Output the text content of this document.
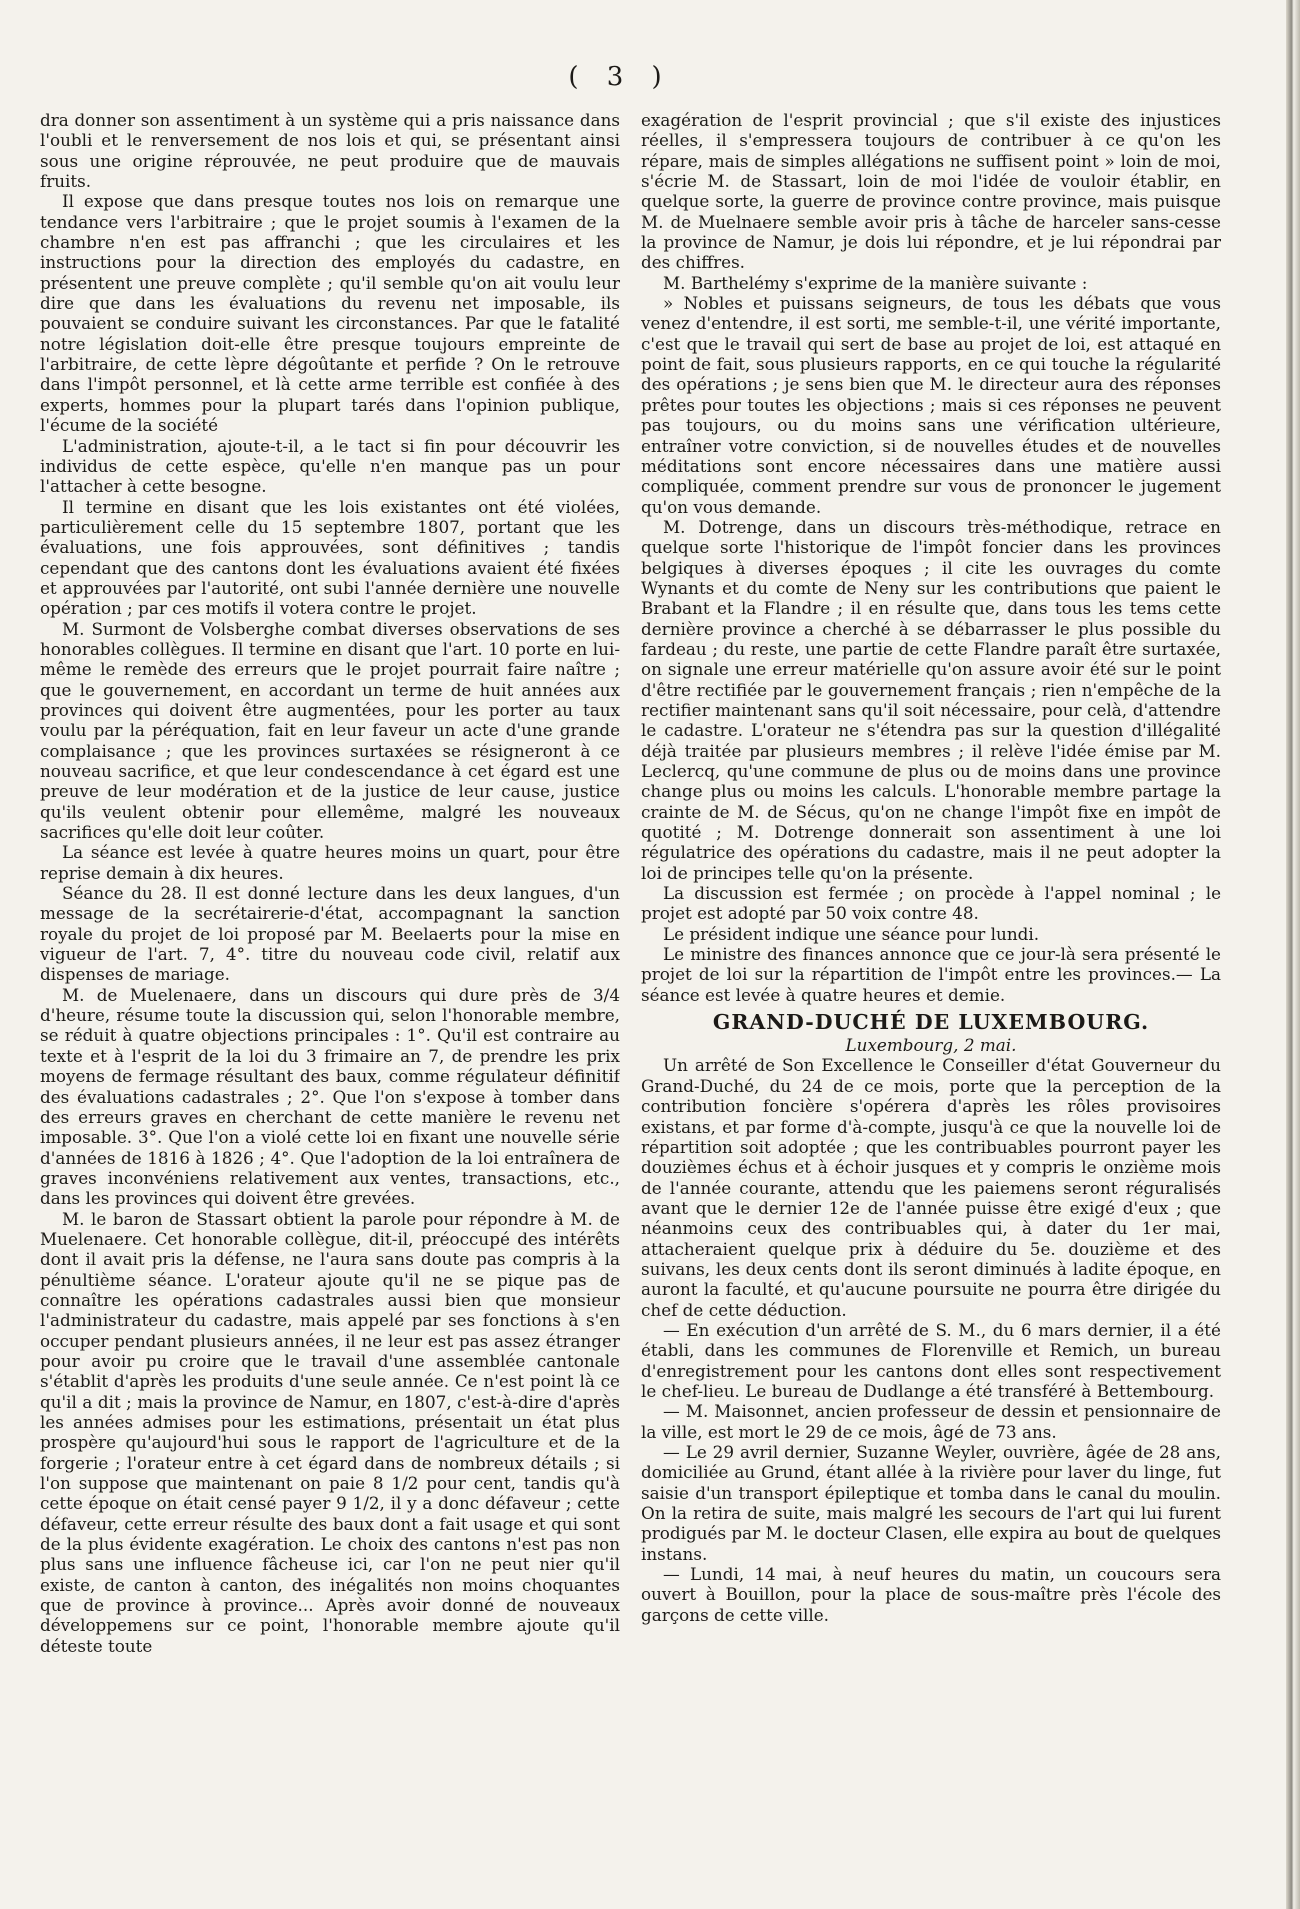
( 3 )

dra donner son assentiment à un système qui a pris naissance dans l'oubli et le renversement de nos lois et qui, se présentant ainsi sous une origine réprouvée, ne peut produire que de mauvais fruits.

Il expose que dans presque toutes nos lois on remarque une tendance vers l'arbitraire ; que le projet soumis à l'examen de la chambre n'en est pas affranchi ; que les circulaires et les instructions pour la direction des employés du cadastre, en présentent une preuve complète ; qu'il semble qu'on ait voulu leur dire que dans les évaluations du revenu net imposable, ils pouvaient se conduire suivant les circonstances. Par que le fatalité notre législation doit-elle être presque toujours empreinte de l'arbitraire, de cette lèpre dégoûtante et perfide ? On le retrouve dans l'impôt personnel, et là cette arme terrible est confiée à des experts, hommes pour la plupart tarés dans l'opinion publique, l'écume de la société

L'administration, ajoute-t-il, a le tact si fin pour découvrir les individus de cette espèce, qu'elle n'en manque pas un pour l'attacher à cette besogne.

Il termine en disant que les lois existantes ont été violées, particulièrement celle du 15 septembre 1807, portant que les évaluations, une fois approuvées, sont définitives ; tandis cependant que des cantons dont les évaluations avaient été fixées et approuvées par l'autorité, ont subi l'année dernière une nouvelle opération ; par ces motifs il votera contre le projet.

M. Surmont de Volsberghe combat diverses observations de ses honorables collègues. Il termine en disant que l'art. 10 porte en lui-même le remède des erreurs que le projet pourrait faire naître ; que le gouvernement, en accordant un terme de huit années aux provinces qui doivent être augmentées, pour les porter au taux voulu par la péréquation, fait en leur faveur un acte d'une grande complaisance ; que les provinces surtaxées se résigneront à ce nouveau sacrifice, et que leur condescendance à cet égard est une preuve de leur modération et de la justice de leur cause, justice qu'ils veulent obtenir pour ellemême, malgré les nouveaux sacrifices qu'elle doit leur coûter.

La séance est levée à quatre heures moins un quart, pour être reprise demain à dix heures.

Séance du 28. Il est donné lecture dans les deux langues, d'un message de la secrétairerie-d'état, accompagnant la sanction royale du projet de loi proposé par M. Beelaerts pour la mise en vigueur de l'art. 7, 4°. titre du nouveau code civil, relatif aux dispenses de mariage.

M. de Muelenaere, dans un discours qui dure près de 3/4 d'heure, résume toute la discussion qui, selon l'honorable membre, se réduit à quatre objections principales : 1°. Qu'il est contraire au texte et à l'esprit de la loi du 3 frimaire an 7, de prendre les prix moyens de fermage résultant des baux, comme régulateur définitif des évaluations cadastrales ; 2°. Que l'on s'expose à tomber dans des erreurs graves en cherchant de cette manière le revenu net imposable. 3°. Que l'on a violé cette loi en fixant une nouvelle série d'années de 1816 à 1826 ; 4°. Que l'adoption de la loi entraînera de graves inconvéniens relativement aux ventes, transactions, etc., dans les provinces qui doivent être grevées.

M. le baron de Stassart obtient la parole pour répondre à M. de Muelenaere. Cet honorable collègue, dit-il, préoccupé des intérêts dont il avait pris la défense, ne l'aura sans doute pas compris à la pénultième séance. L'orateur ajoute qu'il ne se pique pas de connaître les opérations cadastrales aussi bien que monsieur l'administrateur du cadastre, mais appelé par ses fonctions à s'en occuper pendant plusieurs années, il ne leur est pas assez étranger pour avoir pu croire que le travail d'une assemblée cantonale s'établit d'après les produits d'une seule année. Ce n'est point là ce qu'il a dit ; mais la province de Namur, en 1807, c'est-à-dire d'après les années admises pour les estimations, présentait un état plus prospère qu'aujourd'hui sous le rapport de l'agriculture et de la forgerie ; l'orateur entre à cet égard dans de nombreux détails ; si l'on suppose que maintenant on paie 8 1/2 pour cent, tandis qu'à cette époque on était censé payer 9 1/2, il y a donc défaveur ; cette défaveur, cette erreur résulte des baux dont a fait usage et qui sont de la plus évidente exagération. Le choix des cantons n'est pas non plus sans une influence fâcheuse ici, car l'on ne peut nier qu'il existe, de canton à canton, des inégalités non moins choquantes que de province à province... Après avoir donné de nouveaux développemens sur ce point, l'honorable membre ajoute qu'il déteste toute

exagération de l'esprit provincial ; que s'il existe des injustices réelles, il s'empressera toujours de contribuer à ce qu'on les répare, mais de simples allégations ne suffisent point » loin de moi, s'écrie M. de Stassart, loin de moi l'idée de vouloir établir, en quelque sorte, la guerre de province contre province, mais puisque M. de Muelnaere semble avoir pris à tâche de harceler sans-cesse la province de Namur, je dois lui répondre, et je lui répondrai par des chiffres.

M. Barthelémy s'exprime de la manière suivante :

» Nobles et puissans seigneurs, de tous les débats que vous venez d'entendre, il est sorti, me semble-t-il, une vérité importante, c'est que le travail qui sert de base au projet de loi, est attaqué en point de fait, sous plusieurs rapports, en ce qui touche la régularité des opérations ; je sens bien que M. le directeur aura des réponses prêtes pour toutes les objections ; mais si ces réponses ne peuvent pas toujours, ou du moins sans une vérification ultérieure, entraîner votre conviction, si de nouvelles études et de nouvelles méditations sont encore nécessaires dans une matière aussi compliquée, comment prendre sur vous de prononcer le jugement qu'on vous demande.

M. Dotrenge, dans un discours très-méthodique, retrace en quelque sorte l'historique de l'impôt foncier dans les provinces belgiques à diverses époques ; il cite les ouvrages du comte Wynants et du comte de Neny sur les contributions que paient le Brabant et la Flandre ; il en résulte que, dans tous les tems cette dernière province a cherché à se débarrasser le plus possible du fardeau ; du reste, une partie de cette Flandre paraît être surtaxée, on signale une erreur matérielle qu'on assure avoir été sur le point d'être rectifiée par le gouvernement français ; rien n'empêche de la rectifier maintenant sans qu'il soit nécessaire, pour celà, d'attendre le cadastre. L'orateur ne s'étendra pas sur la question d'illégalité déjà traitée par plusieurs membres ; il relève l'idée émise par M. Leclercq, qu'une commune de plus ou de moins dans une province change plus ou moins les calculs. L'honorable membre partage la crainte de M. de Sécus, qu'on ne change l'impôt fixe en impôt de quotité ; M. Dotrenge donnerait son assentiment à une loi régulatrice des opérations du cadastre, mais il ne peut adopter la loi de principes telle qu'on la présente.

La discussion est fermée ; on procède à l'appel nominal ; le projet est adopté par 50 voix contre 48.

Le président indique une séance pour lundi.

Le ministre des finances annonce que ce jour-là sera présenté le projet de loi sur la répartition de l'impôt entre les provinces.— La séance est levée à quatre heures et demie.

GRAND-DUCHÉ DE LUXEMBOURG.

Luxembourg, 2 mai.

Un arrêté de Son Excellence le Conseiller d'état Gouverneur du Grand-Duché, du 24 de ce mois, porte que la perception de la contribution foncière s'opérera d'après les rôles provisoires existans, et par forme d'à-compte, jusqu'à ce que la nouvelle loi de répartition soit adoptée ; que les contribuables pourront payer les douzièmes échus et à échoir jusques et y compris le onzième mois de l'année courante, attendu que les paiemens seront réguralisés avant que le dernier 12e de l'année puisse être exigé d'eux ; que néanmoins ceux des contribuables qui, à dater du 1er mai, attacheraient quelque prix à déduire du 5e. douzième et des suivans, les deux cents dont ils seront diminués à ladite époque, en auront la faculté, et qu'aucune poursuite ne pourra être dirigée du chef de cette déduction.

— En exécution d'un arrêté de S. M., du 6 mars dernier, il a été établi, dans les communes de Florenville et Remich, un bureau d'enregistrement pour les cantons dont elles sont respectivement le chef-lieu. Le bureau de Dudlange a été transféré à Bettembourg.

— M. Maisonnet, ancien professeur de dessin et pensionnaire de la ville, est mort le 29 de ce mois, âgé de 73 ans.

— Le 29 avril dernier, Suzanne Weyler, ouvrière, âgée de 28 ans, domiciliée au Grund, étant allée à la rivière pour laver du linge, fut saisie d'un transport épileptique et tomba dans le canal du moulin. On la retira de suite, mais malgré les secours de l'art qui lui furent prodigués par M. le docteur Clasen, elle expira au bout de quelques instans.

— Lundi, 14 mai, à neuf heures du matin, un coucours sera ouvert à Bouillon, pour la place de sous-maître près l'école des garçons de cette ville.
